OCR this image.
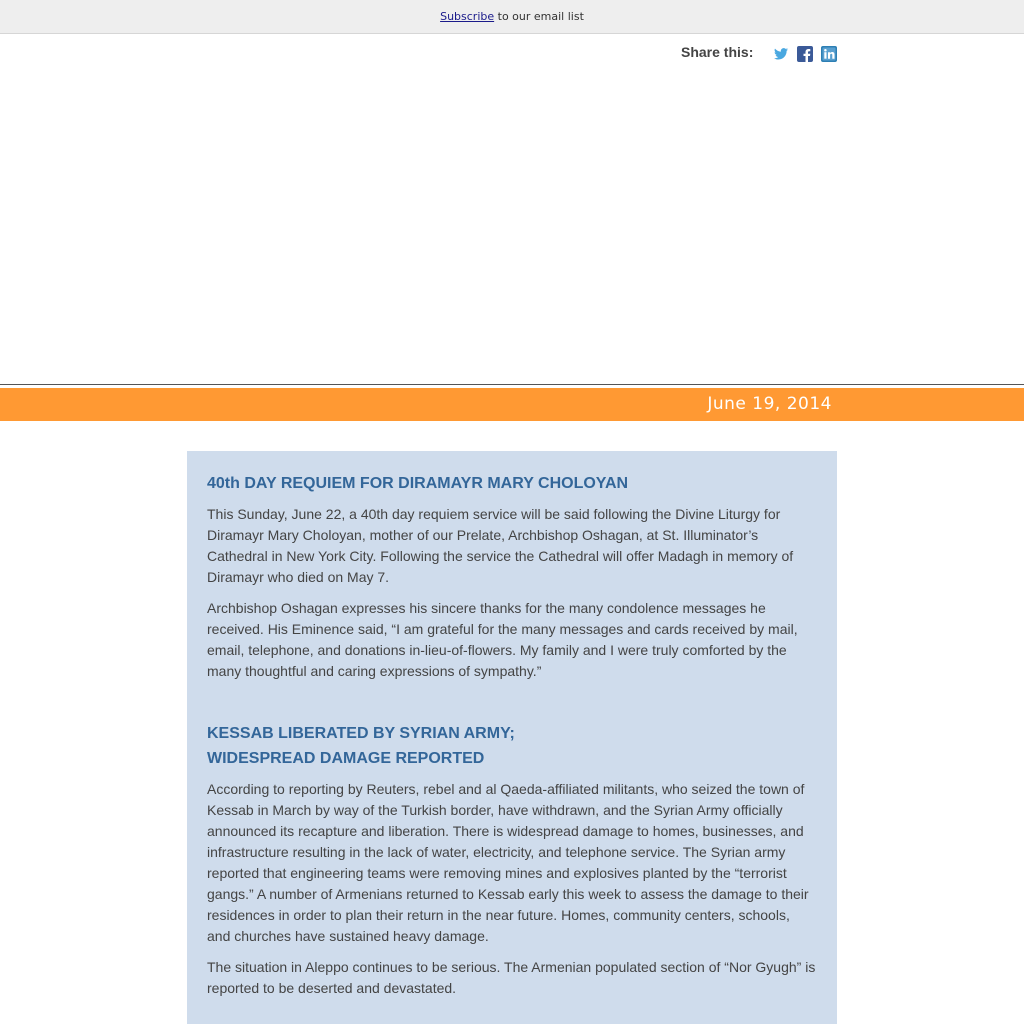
Subscribe to our email list
Share this:
June 19, 2014
40th DAY REQUIEM FOR DIRAMAYR MARY CHOLOYAN

This Sunday, June 22, a 40th day requiem service will be said following the Divine Liturgy for Diramayr Mary Choloyan, mother of our Prelate, Archbishop Oshagan, at St. Illuminator’s Cathedral in New York City. Following the service the Cathedral will offer Madagh in memory of Diramayr who died on May 7.

Archbishop Oshagan expresses his sincere thanks for the many condolence messages he received. His Eminence said, “I am grateful for the many messages and cards received by mail, email, telephone, and donations in-lieu-of-flowers. My family and I were truly comforted by the many thoughtful and caring expressions of sympathy.”

KESSAB LIBERATED BY SYRIAN ARMY;
WIDESPREAD DAMAGE REPORTED

According to reporting by Reuters, rebel and al Qaeda-affiliated militants, who seized the town of Kessab in March by way of the Turkish border, have withdrawn, and the Syrian Army officially announced its recapture and liberation. There is widespread damage to homes, businesses, and infrastructure resulting in the lack of water, electricity, and telephone service. The Syrian army reported that engineering teams were removing mines and explosives planted by the “terrorist gangs.” A number of Armenians returned to Kessab early this week to assess the damage to their residences in order to plan their return in the near future. Homes, community centers, schools, and churches have sustained heavy damage.

The situation in Aleppo continues to be serious. The Armenian populated section of “Nor Gyugh” is reported to be deserted and devastated.
